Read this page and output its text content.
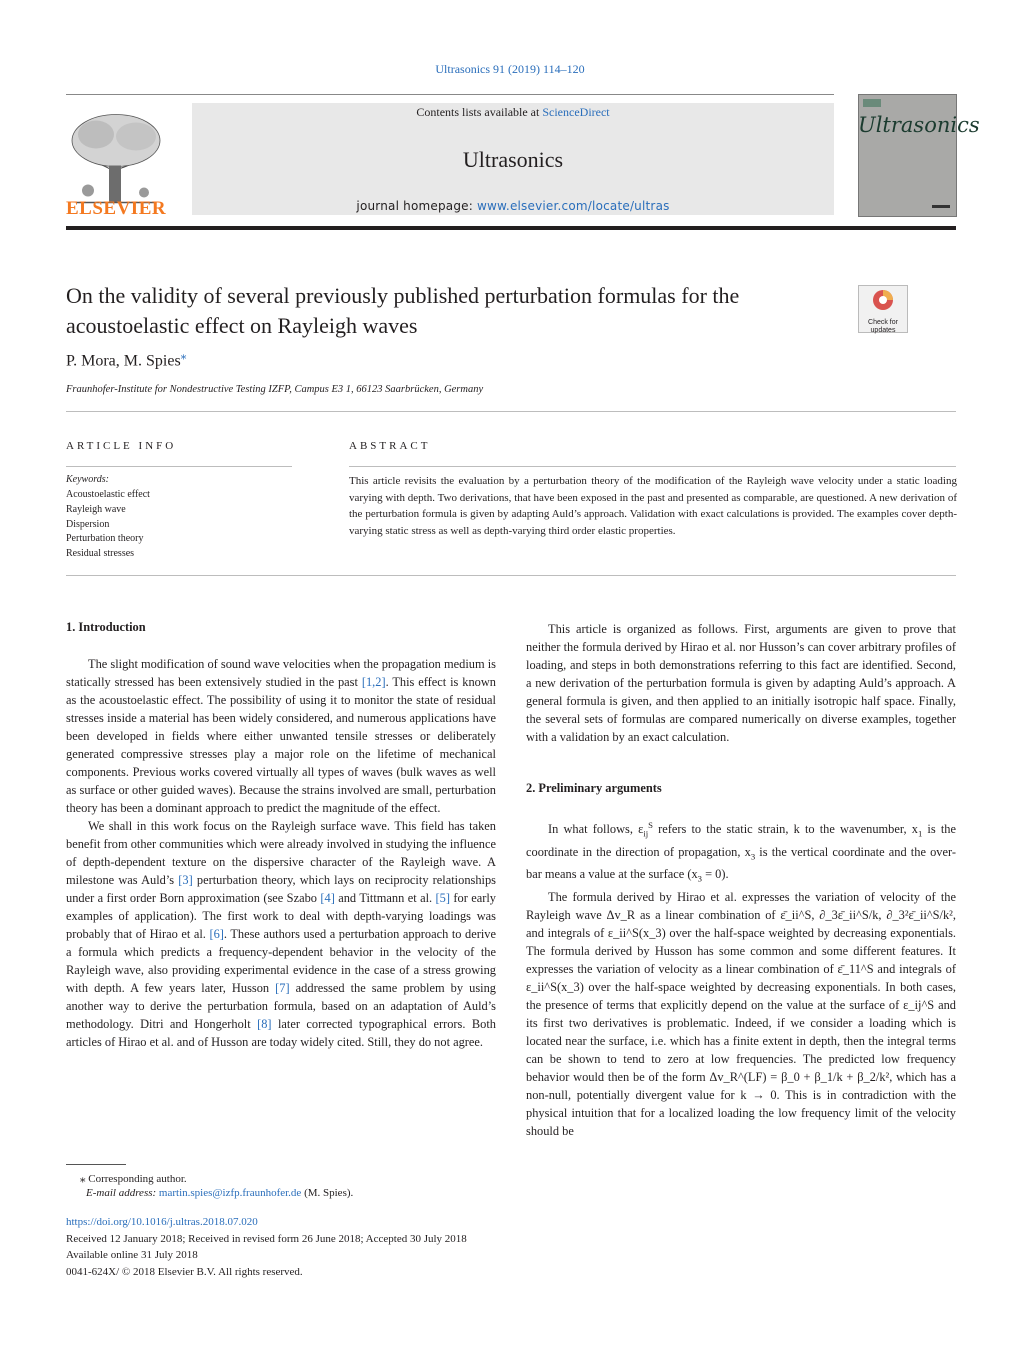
Ultrasonics 91 (2019) 114–120
Contents lists available at ScienceDirect
Ultrasonics
journal homepage: www.elsevier.com/locate/ultras
ELSEVIER
Ultrasonics
On the validity of several previously published perturbation formulas for the
acoustoelastic effect on Rayleigh waves	Check for
updates
P. Mora, M. Spies⁎
Fraunhofer-Institute for Nondestructive Testing IZFP, Campus E3 1, 66123 Saarbrücken, Germany
ARTICLE INFO	ABSTRACT
Keywords:
Acoustoelastic effect
Rayleigh wave
Dispersion
Perturbation theory
Residual stresses
This article revisits the evaluation by a perturbation theory of the modification of the Rayleigh wave velocity under a static loading varying with depth. Two derivations, that have been exposed in the past and presented as comparable, are questioned. A new derivation of the perturbation formula is given by adapting Auld’s approach. Validation with exact calculations is provided. The examples cover depth-varying static stress as well as depth-varying third order elastic properties.
1. Introduction

The slight modification of sound wave velocities when the propagation medium is statically stressed has been extensively studied in the past [1,2]. This effect is known as the acoustoelastic effect. The possibility of using it to monitor the state of residual stresses inside a material has been widely considered, and numerous applications have been developed in fields where either unwanted tensile stresses or deliberately generated compressive stresses play a major role on the lifetime of mechanical components. Previous works covered virtually all types of waves (bulk waves as well as surface or other guided waves). Because the strains involved are small, perturbation theory has been a dominant approach to predict the magnitude of the effect.

We shall in this work focus on the Rayleigh surface wave. This field has taken benefit from other communities which were already involved in studying the influence of depth-dependent texture on the dispersive character of the Rayleigh wave. A milestone was Auld’s [3] perturbation theory, which lays on reciprocity relationships under a first order Born approximation (see Szabo [4] and Tittmann et al. [5] for early examples of application). The first work to deal with depth-varying loadings was probably that of Hirao et al. [6]. These authors used a perturbation approach to derive a formula which predicts a frequency-dependent behavior in the velocity of the Rayleigh wave, also providing experimental evidence in the case of a stress growing with depth. A few years later, Husson [7] addressed the same problem by using another way to derive the perturbation formula, based on an adaptation of Auld’s methodology. Ditri and Hongerholt [8] later corrected typographical errors. Both articles of Hirao et al. and of Husson are today widely cited. Still, they do not agree.

This article is organized as follows. First, arguments are given to prove that neither the formula derived by Hirao et al. nor Husson’s can cover arbitrary profiles of loading, and steps in both demonstrations referring to this fact are identified. Second, a new derivation of the perturbation formula is given by adapting Auld’s approach. A general formula is given, and then applied to an initially isotropic half space. Finally, the several sets of formulas are compared numerically on diverse examples, together with a validation by an exact calculation.

2. Preliminary arguments

In what follows, $\varepsilon_{ij}^S$ refers to the static strain, k to the wavenumber, $x_1$ is the coordinate in the direction of propagation, $x_3$ is the vertical coordinate and the over-bar means a value at the surface $(x_3 = 0)$.

The formula derived by Hirao et al. expresses the variation of velocity of the Rayleigh wave Δv_R as a linear combination of ε̄_ii^S, ∂_3ε̄_ii^S/k, ∂_3²ε̄_ii^S/k², and integrals of ε_ii^S(x_3) over the half-space weighted by decreasing exponentials. The formula derived by Husson has some common and some different features. It expresses the variation of velocity as a linear combination of ε̄_11^S and integrals of ε_ii^S(x_3) over the half-space weighted by decreasing exponentials. In both cases, the presence of terms that explicitly depend on the value at the surface of ε_ij^S and its first two derivatives is problematic. Indeed, if we consider a loading which is located near the surface, i.e. which has a finite extent in depth, then the integral terms can be shown to tend to zero at low frequencies. The predicted low frequency behavior would then be of the form Δv_R^(LF) = β_0 + β_1/k + β_2/k², which has a non-null, potentially divergent value for k → 0. This is in contradiction with the physical intuition that for a localized loading the low frequency limit of the velocity should be

⁎ Corresponding author.
E-mail address: martin.spies@izfp.fraunhofer.de (M. Spies).
https://doi.org/10.1016/j.ultras.2018.07.020
Received 12 January 2018; Received in revised form 26 June 2018; Accepted 30 July 2018
Available online 31 July 2018
0041-624X/ © 2018 Elsevier B.V. All rights reserved.
